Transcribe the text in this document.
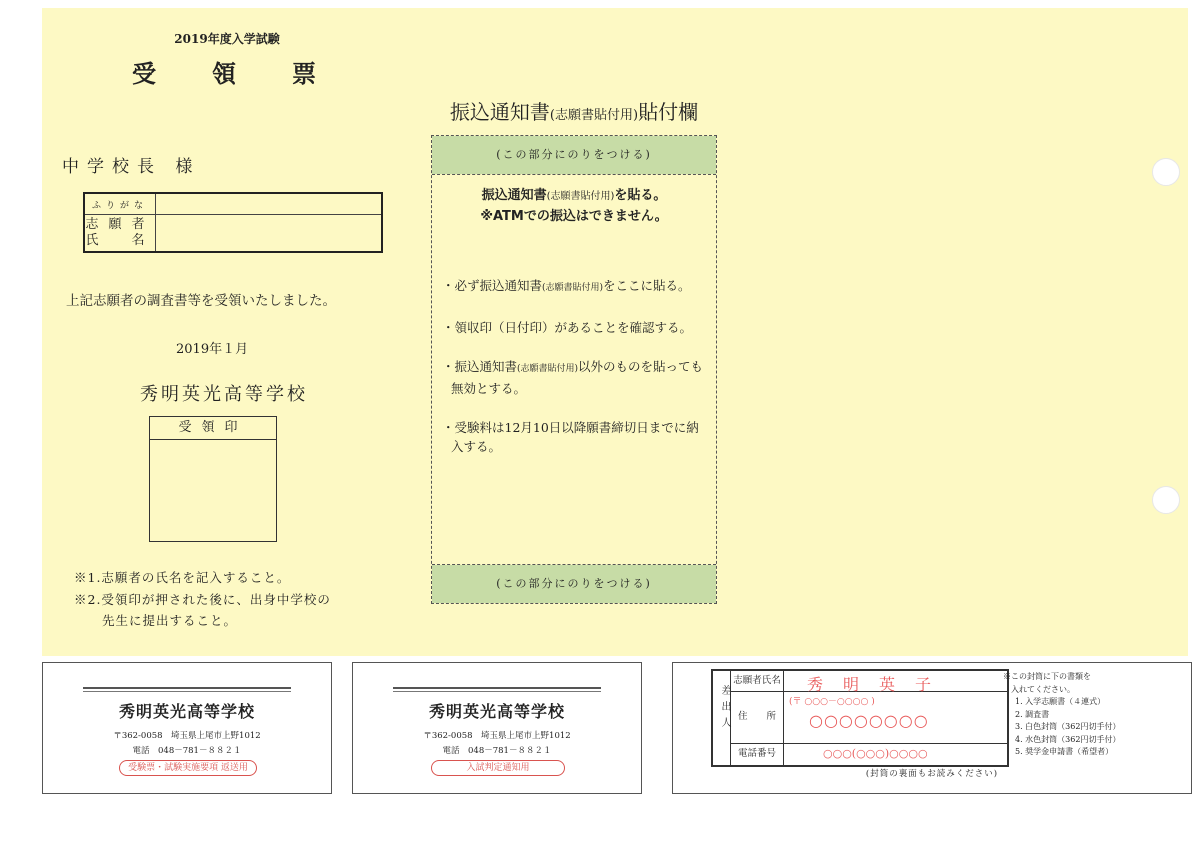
2019年度入学試験
受　領　票
中学校長 様
ふりがな	

志願者
氏　名	

上記志願者の調査書等を受領いたしました。
2019年１月
秀明英光高等学校
受領印
※1.志願者の氏名を記入すること。
※2.受領印が押された後に、出身中学校の
先生に提出すること。
振込通知書(志願書貼付用)貼付欄
(この部分にのりをつける)
振込通知書(志願書貼付用)を貼る。
※ATMでの振込はできません。
・必ず振込通知書(志願書貼付用)をここに貼る。
・領収印（日付印）があることを確認する。
・振込通知書(志願書貼付用)以外のものを貼っても無効とする。
・受験料は12月10日以降願書締切日までに納入する。
(この部分にのりをつける)
秀明英光高等学校
〒362-0058　埼玉県上尾市上野1012
電話　048－781－８８２１
受験票・試験実施要項 返送用
秀明英光高等学校
〒362-0058　埼玉県上尾市上野1012
電話　048－781－８８２１
入試判定通知用
差出人
志願者氏名 秀　明　英　子
住　　所
(〒 ○○○－○○○○ )
○○○○○○○○
電話番号	○○○(○○○)○○○○
※この封筒に下の書類を
入れてください。
1. 入学志願書（４連式）
2. 調査書
3. 白色封筒（362円切手付）
4. 水色封筒（362円切手付）
5. 奨学金申請書（希望者）
(封筒の裏面もお読みください)
